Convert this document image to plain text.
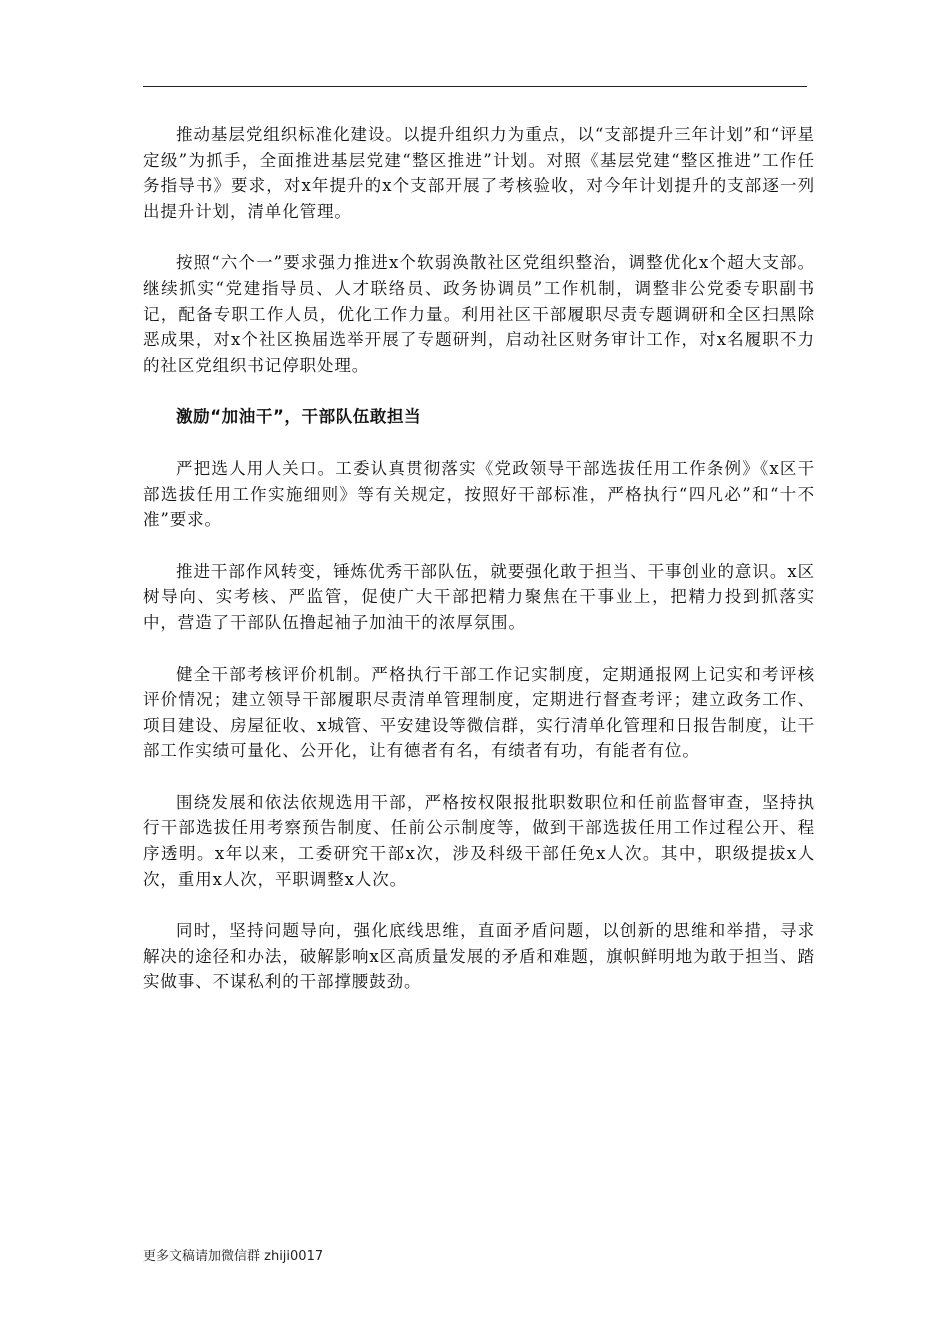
推动基层党组织标准化建设。以提升组织力为重点，以“支部提升三年计划”和“评星定级”为抓手，全面推进基层党建“整区推进”计划。对照《基层党建“整区推进”工作任务指导书》要求，对x年提升的x个支部开展了考核验收，对今年计划提升的支部逐一列出提升计划，清单化管理。

按照“六个一”要求强力推进x个软弱涣散社区党组织整治，调整优化x个超大支部。继续抓实“党建指导员、人才联络员、政务协调员”工作机制，调整非公党委专职副书记，配备专职工作人员，优化工作力量。利用社区干部履职尽责专题调研和全区扫黑除恶成果，对x个社区换届选举开展了专题研判，启动社区财务审计工作，对x名履职不力的社区党组织书记停职处理。

激励“加油干”，干部队伍敢担当

严把选人用人关口。工委认真贯彻落实《党政领导干部选拔任用工作条例》《x区干部选拔任用工作实施细则》等有关规定，按照好干部标准，严格执行“四凡必”和“十不准”要求。

推进干部作风转变，锤炼优秀干部队伍，就要强化敢于担当、干事创业的意识。x区树导向、实考核、严监管，促使广大干部把精力聚焦在干事业上，把精力投到抓落实中，营造了干部队伍撸起袖子加油干的浓厚氛围。

健全干部考核评价机制。严格执行干部工作记实制度，定期通报网上记实和考评核评价情况；建立领导干部履职尽责清单管理制度，定期进行督查考评；建立政务工作、项目建设、房屋征收、x城管、平安建设等微信群，实行清单化管理和日报告制度，让干部工作实绩可量化、公开化，让有德者有名，有绩者有功，有能者有位。

围绕发展和依法依规选用干部，严格按权限报批职数职位和任前监督审查，坚持执行干部选拔任用考察预告制度、任前公示制度等，做到干部选拔任用工作过程公开、程序透明。x年以来，工委研究干部x次，涉及科级干部任免x人次。其中，职级提拔x人次，重用x人次，平职调整x人次。

同时，坚持问题导向，强化底线思维，直面矛盾问题，以创新的思维和举措，寻求解决的途径和办法，破解影响x区高质量发展的矛盾和难题，旗帜鲜明地为敢于担当、踏实做事、不谋私利的干部撑腰鼓劲。

更多文稿请加微信群 zhiji0017
